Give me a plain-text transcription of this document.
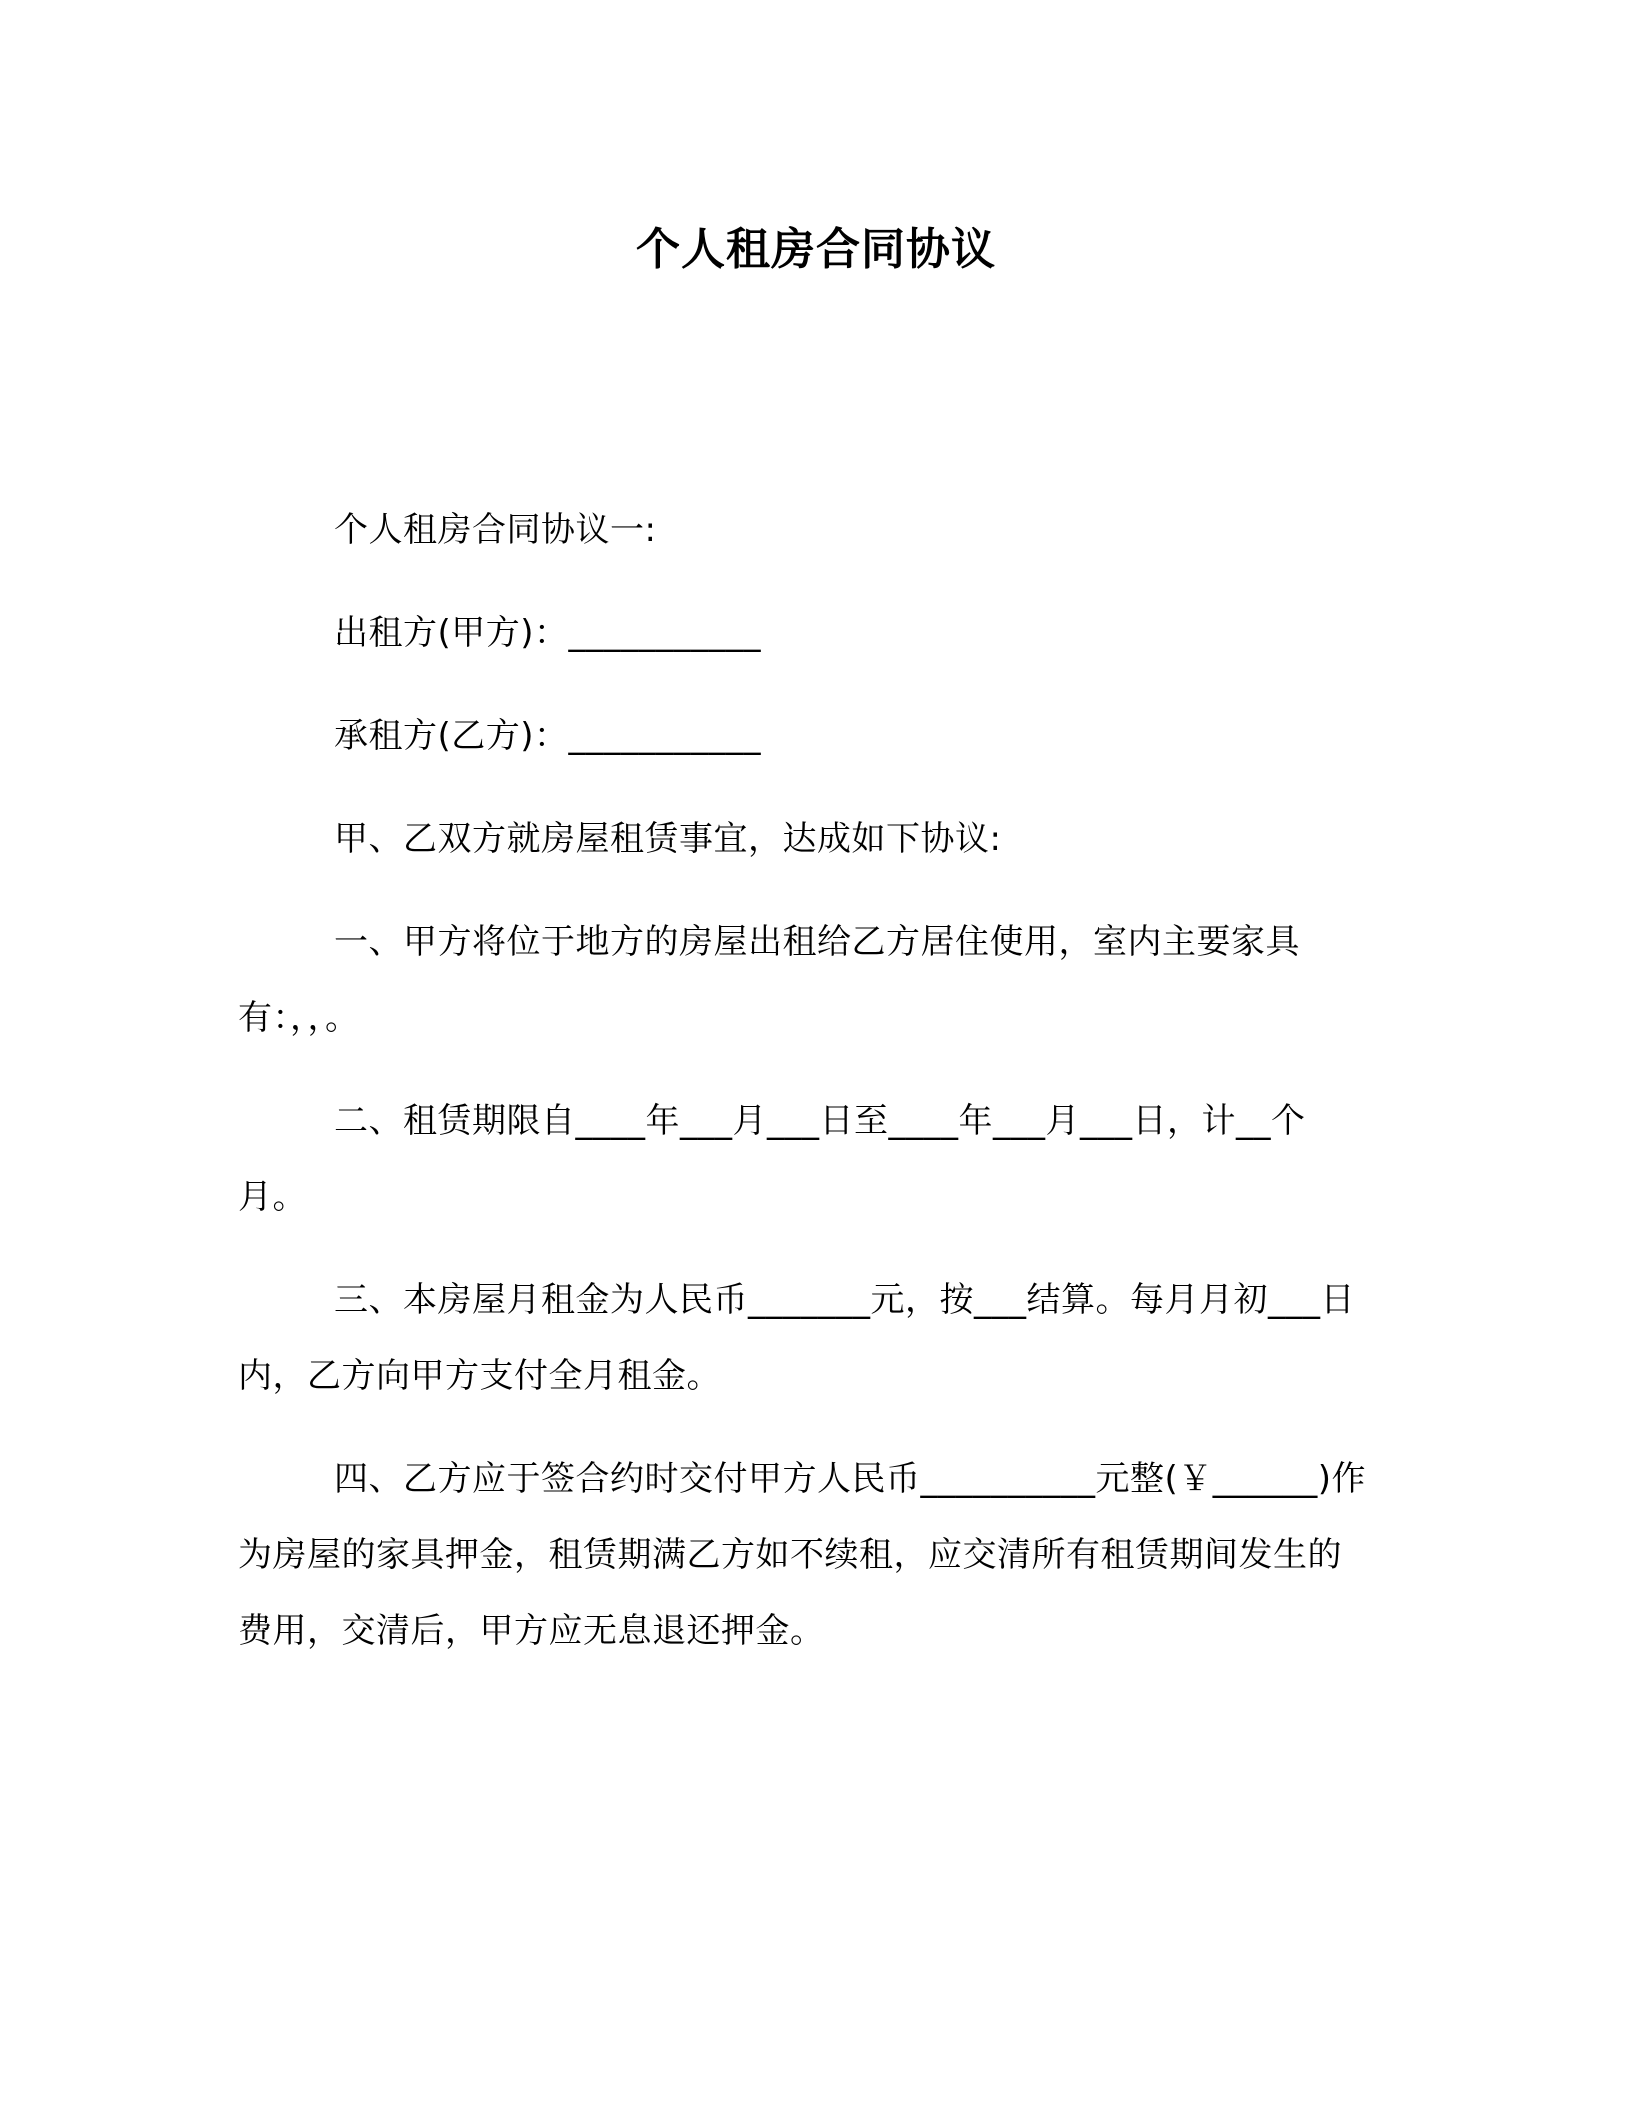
个人租房合同协议

个人租房合同协议一:

出租方(甲方)：___________

承租方(乙方)：___________

甲、乙双方就房屋租赁事宜，达成如下协议:

一、甲方将位于地方的房屋出租给乙方居住使用，室内主要家具有：，，。

二、租赁期限自____年___月___日至____年___月___日，计__个月。

三、本房屋月租金为人民币_______元，按___结算。每月月初___日内，乙方向甲方支付全月租金。

四、乙方应于签合约时交付甲方人民币__________元整(￥______)作为房屋的家具押金，租赁期满乙方如不续租，应交清所有租赁期间发生的费用，交清后，甲方应无息退还押金。
